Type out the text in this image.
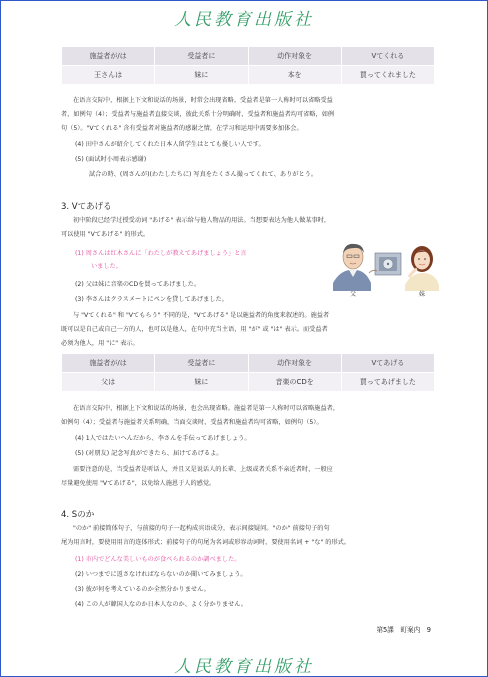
人民教育出版社
施益者が/は	受益者に	动作对象を	Vてくれる
王さんは	妹に	本を	買ってくれました
在语言交际中，根据上下文和说话的场景，时常会出现省略。受益者是第一人称时可以省略受益
者，如例句（4）；受益者与施益者直接交谈，彼此关系十分明确时，受益者和施益者均可省略，如例
句（5）。"Vてくれる" 含有受益者对施益者的感谢之情，在学习和运用中需要多加体会。
(4) 田中さんが紹介してくれた日本人留学生はとても優しい人です。
(5) (面试时小周表示感谢)
試合の時、(周さんが)(わたしたちに) 写真をたくさん撮ってくれて、ありがとう。
3. Vてあげる
初中阶段已经学过授受动词 "あげる" 表示给与他人物品的用法。当想要表达为他人做某事时，
可以使用 "Vてあげる" 的形式。
(1) 周さんは红木さんに「わたしが教えてあげましょう」と言
いました。
(2) 父は妹に音楽のCDを買ってあげました。
(3) 李さんはクラスメートにペンを貸してあげました。
父	妹
与 "Vてくれる" 和 "Vてもらう" 不同的是，"Vてあげる" 是以施益者的角度来叙述的。施益者
既可以是自己或自己一方的人，也可以是他人，在句中充当主语，用 "が" 或 "は" 表示。而受益者
必须为他人，用 "に" 表示。
施益者が/は	受益者に	动作对象を	Vてあげる
父は	妹に	音楽のCDを	買ってあげました
在语言交际中，根据上下文和说话的场景，也会出现省略。施益者是第一人称时可以省略施益者，
如例句（4）；受益者与施益者关系明确，当面交谈时，受益者和施益者均可省略，如例句（5）。
(4) 1人ではたいへんだから、李さんを手伝ってあげましょう。
(5) (对朋友) 記念写真ができたら、届けてあげるよ。
需要注意的是，当受益者是听话人，并且又是说话人的长辈、上级或者关系不亲近者时，一般应
尽量避免使用 "Vてあげる"，以免给人施恩于人的感觉。
4. Sのか
"のか" 前接简体句子，与前接的句子一起构成宾语成分，表示间接疑问。"のか" 前接句子的句
尾为用言时，要使用用言的连体形式；前接句子的句尾为名词或形容动词时，要使用名词 + "な" 的形式。
(1) 市内でどんな美しいものが食べられるのか調べました。
(2) いつまでに返さなければならないのか聞いてみましょう。
(3) 彼が何を考えているのか全然分かりません。
(4) この人が韓国人なのか日本人なのか、よく分かりません。
第5課　町案内　9
人民教育出版社
